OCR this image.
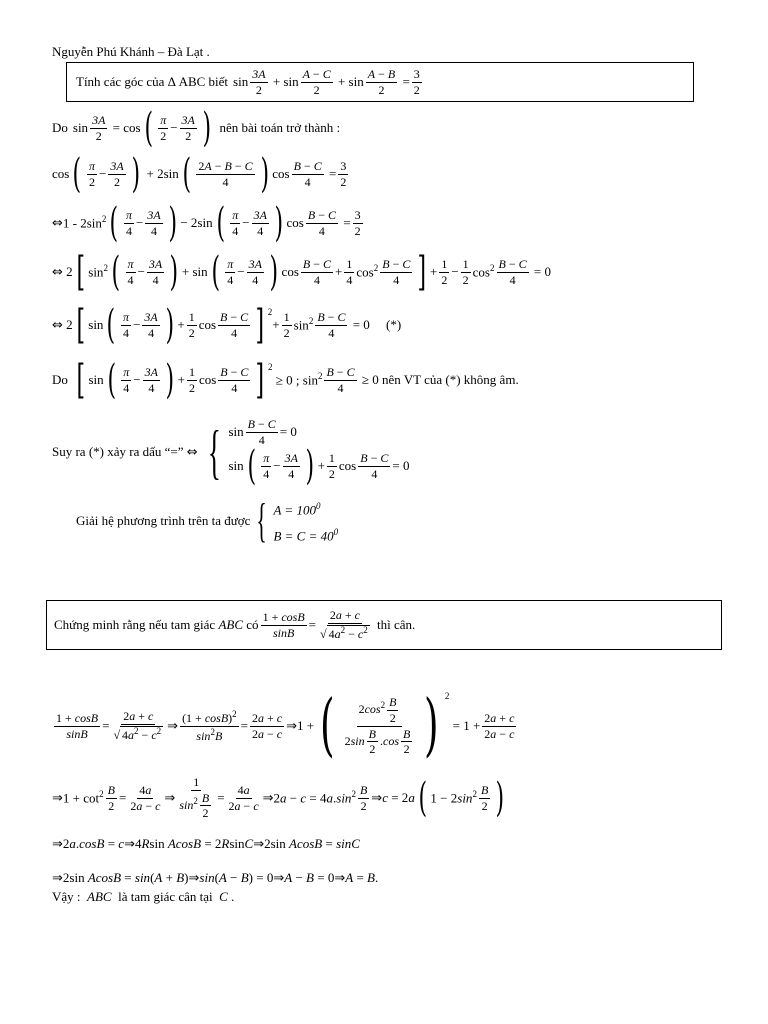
Nguyễn Phú Khánh – Đà Lạt .
Tính các góc của Δ ABC biết $\sin \frac{3A}{2} + \sin \frac{A - C}{2} + \sin \frac{A - B}{2} = \frac{3}{2}$
Do $\sin \frac{3A}{2} = \cos$ ( $\frac{\pi}{2} - \frac{3A}{2}$ ) nên bài toán trở thành :
cos ( $\frac{\pi}{2} - \frac{3A}{2}$ ) + 2sin ( $\frac{2A - B - C}{4}$ ) $\cos \frac{B - C}{4} = \frac{3}{2}$
⇔ $1 - 2\sin^2$ ( $\frac{\pi}{4} - \frac{3A}{4}$ ) − 2sin ( $\frac{\pi}{4} - \frac{3A}{4}$ ) $\cos \frac{B - C}{4} = \frac{3}{2}$
⇔ 2 [ $\sin^2$ ( $\frac{\pi}{4} - \frac{3A}{4}$ ) + sin ( $\frac{\pi}{4} - \frac{3A}{4}$ ) $\cos \frac{B - C}{4} + \frac{1}{4} \cos^2 \frac{B - C}{4}$ ] + $\frac{1}{2} - \frac{1}{2} \cos^2 \frac{B - C}{4} = 0$
⇔ 2 [ sin ( $\frac{\pi}{4} - \frac{3A}{4}$ ) + $\frac{1}{2}$ $\cos \frac{B - C}{4}$ ] $^2$
+ $\frac{1}{2} \sin^2 \frac{B - C}{4} = 0$ (*)
Do [ sin ( $\frac{\pi}{4} - \frac{3A}{4}$ ) + $\frac{1}{2}$ $\cos \frac{B - C}{4}$ ] $^2$
≥ 0 ; $\sin^2 \frac{B - C}{4} \ge 0$ nên VT của (*) không âm.
Suy ra (*) xảy ra dấu “=”
⇔ { $\sin \frac{B - C}{4} = 0$
sin ( $\frac{\pi}{4} - \frac{3A}{4}$ ) + $\frac{1}{2}$ $\cos \frac{B - C}{4} = 0$
Giải hệ phương trình trên ta được { $A = 100^0$
$B = C = 40^0$
Chứng minh rằng nếu tam giác
ABC
có $\frac{1 + \cos B}{\sin B} = \frac{2a + c}{√ 4a^2 - c^2}$
thì cân.
$\frac{1 + \cos B}{\sin B} = \frac{2a + c}{√ 4a^2 - c^2}$ ⇒ $\frac{(1 + \cos B)^2}{\sin^2B} = \frac{2a + c}{2a - c}$ ⇒ 1 + ( $\frac{2\cos^2 \frac{B}{2}}{2\sin \frac{B}{2} .\cos \frac{B}{2}}$ ) $^2$
= $1 + \frac{2a + c}{2a - c}$
⇒ $1 + \cot^2 \frac{B}{2} = \frac{4a}{2a - c}$ ⇒ $\frac{1}{\sin^2 \frac{B}{2}} = \frac{4a}{2a - c}$ ⇒ $2a - c = 4a.\sin^2 \frac{B}{2}$ ⇒ c = 2a ( $1 - 2\sin^2 \frac{B}{2}$ )
⇒ 2a.cosB = c ⇒ 4Rsin AcosB = 2RsinC ⇒ 2sin AcosB = sinC
⇒ 2sin AcosB = sin(A + B) ⇒ sin(A − B) = 0 ⇒ A − B = 0 ⇒ A = B.
Vậy : ABC là tam giác cân tại C .
